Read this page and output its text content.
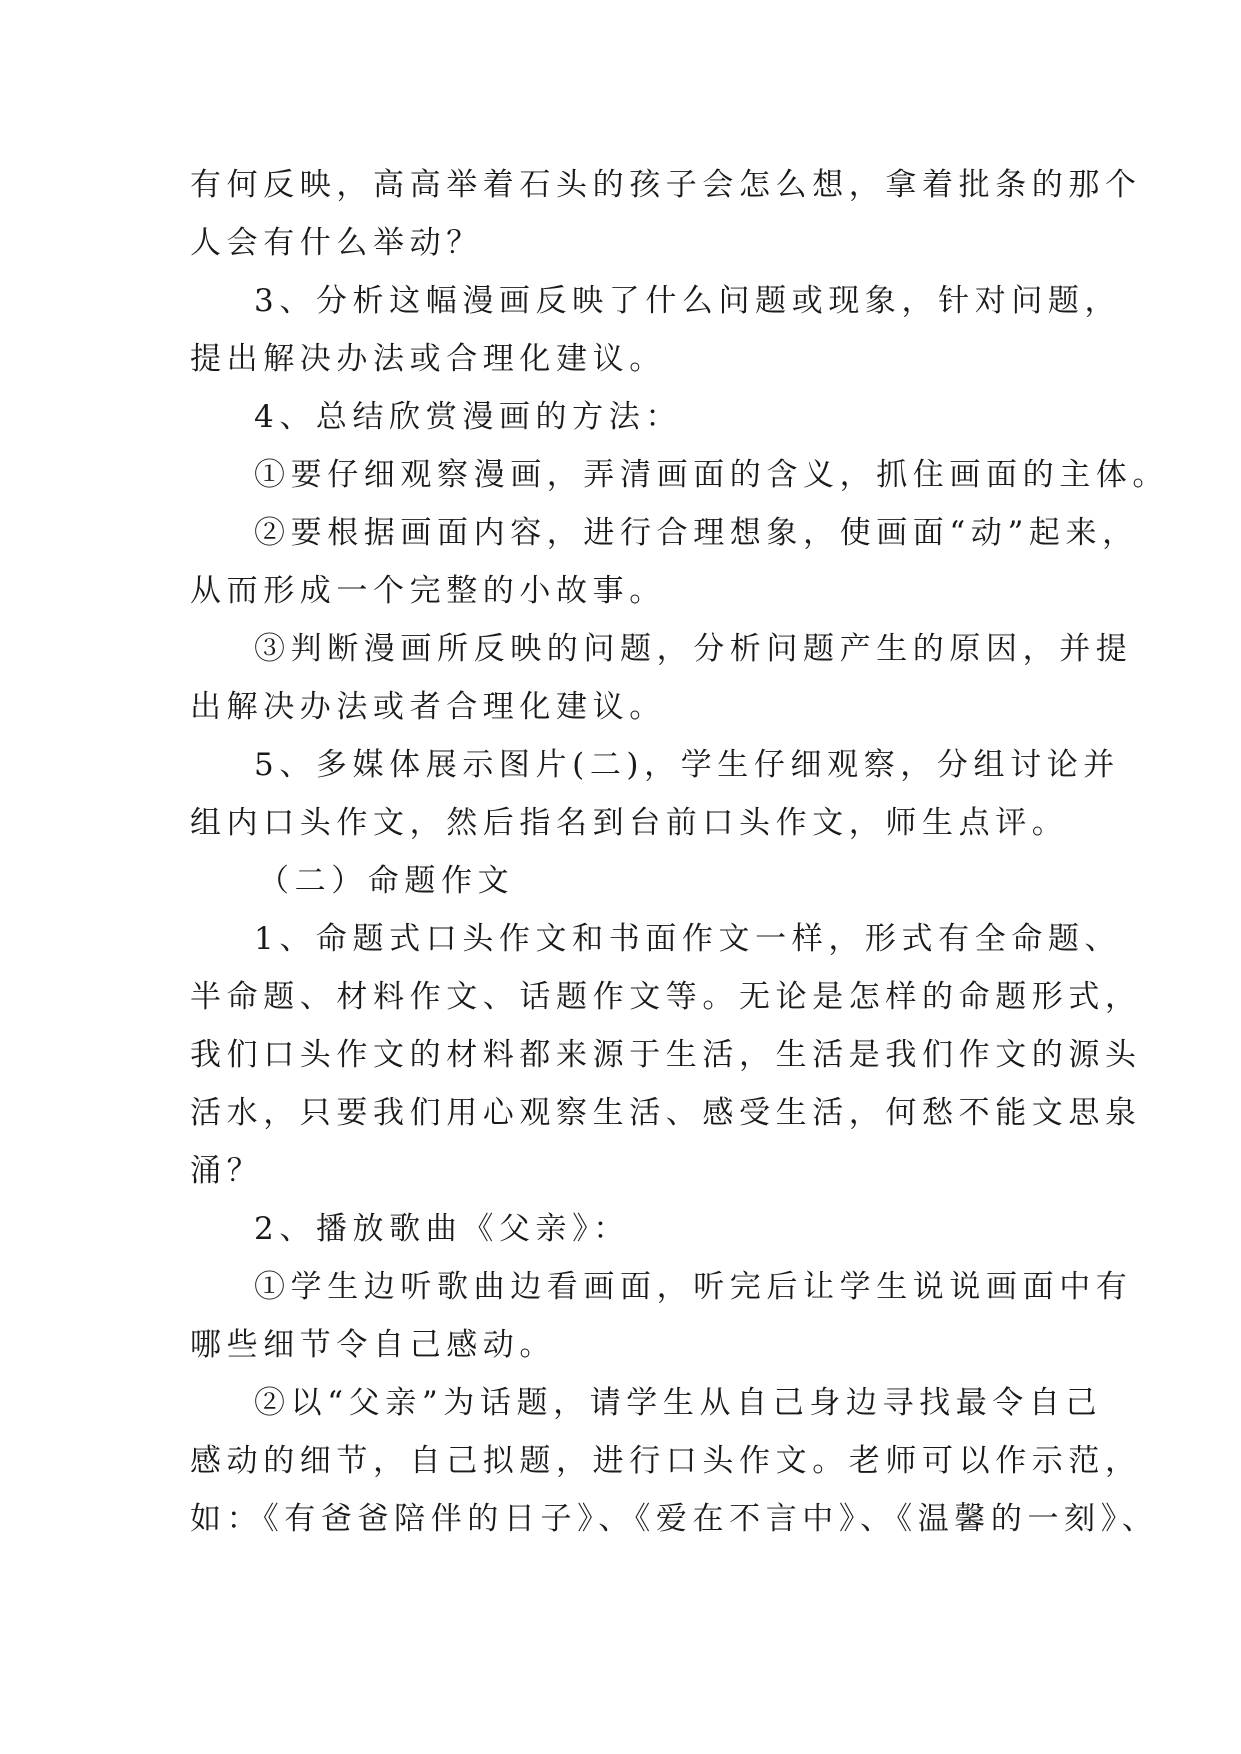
有何反映，高高举着石头的孩子会怎么想，拿着批条的那个
人会有什么举动？
3、分析这幅漫画反映了什么问题或现象，针对问题，
提出解决办法或合理化建议。
4、总结欣赏漫画的方法：
①要仔细观察漫画，弄清画面的含义，抓住画面的主体。
②要根据画面内容，进行合理想象，使画面“动”起来，
从而形成一个完整的小故事。
③判断漫画所反映的问题，分析问题产生的原因，并提
出解决办法或者合理化建议。
5、多媒体展示图片(二)，学生仔细观察，分组讨论并
组内口头作文，然后指名到台前口头作文，师生点评。
（二）命题作文
1、命题式口头作文和书面作文一样，形式有全命题、
半命题、材料作文、话题作文等。无论是怎样的命题形式，
我们口头作文的材料都来源于生活，生活是我们作文的源头
活水，只要我们用心观察生活、感受生活，何愁不能文思泉
涌？
2、播放歌曲《父亲》：
①学生边听歌曲边看画面，听完后让学生说说画面中有
哪些细节令自己感动。
②以“父亲”为话题，请学生从自己身边寻找最令自己
感动的细节，自己拟题，进行口头作文。老师可以作示范，
如：《有爸爸陪伴的日子》、《爱在不言中》、《温馨的一刻》、
